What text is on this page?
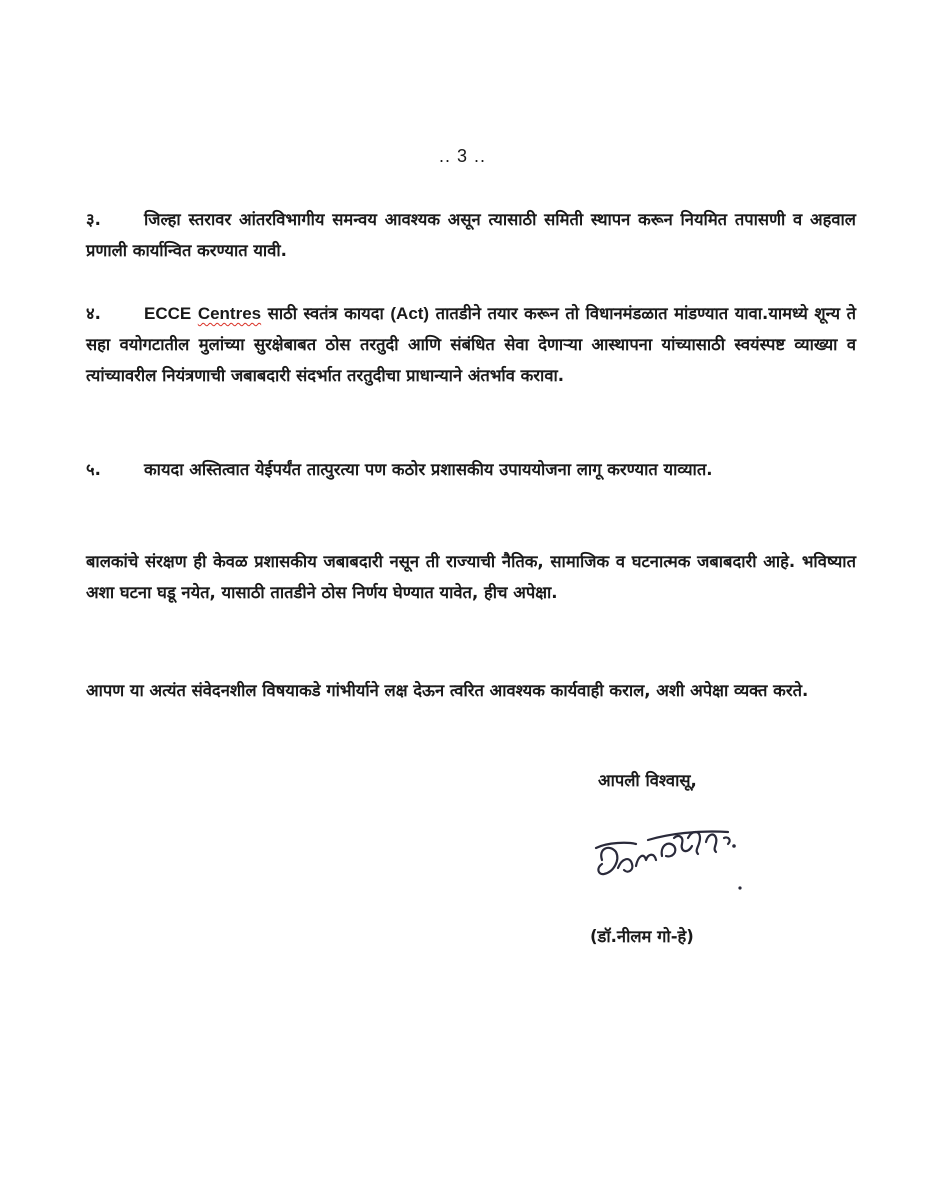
.. 3 ..
३.	जिल्हा स्तरावर आंतरविभागीय समन्वय आवश्यक असून त्यासाठी समिती स्थापन करून नियमित तपासणी व अहवाल प्रणाली कार्यान्वित करण्यात यावी.
४.	ECCE Centres साठी स्वतंत्र कायदा (Act) तातडीने तयार करून तो विधानमंडळात मांडण्यात यावा.यामध्ये शून्य ते सहा वयोगटातील मुलांच्या सुरक्षेबाबत ठोस तरतुदी आणि संबंधित सेवा देणाऱ्या आस्थापना यांच्यासाठी स्वयंस्पष्ट व्याख्या व त्यांच्यावरील नियंत्रणाची जबाबदारी संदर्भात तरतुदीचा प्राधान्याने अंतर्भाव करावा.
५.	कायदा अस्तित्वात येईपर्यंत तात्पुरत्या पण कठोर प्रशासकीय उपाययोजना लागू करण्यात याव्यात.
बालकांचे संरक्षण ही केवळ प्रशासकीय जबाबदारी नसून ती राज्याची नैतिक, सामाजिक व घटनात्मक जबाबदारी आहे. भविष्यात अशा घटना घडू नयेत, यासाठी तातडीने ठोस निर्णय घेण्यात यावेत, हीच अपेक्षा.
आपण या अत्यंत संवेदनशील विषयाकडे गांभीर्याने लक्ष देऊन त्वरित आवश्यक कार्यवाही कराल, अशी अपेक्षा व्यक्त करते.
आपली विश्वासू,
(डॉ.नीलम गो-हे)
